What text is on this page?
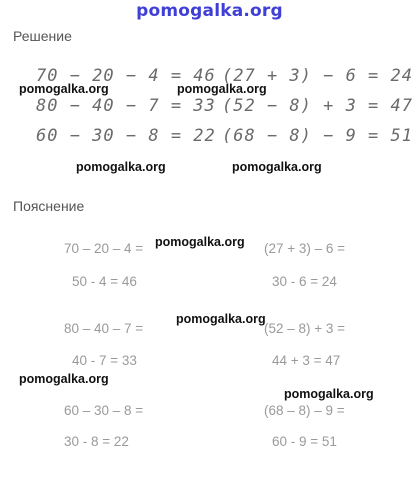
pomogalka.org
Решение
Пояснение
70 − 20 − 4 = 46 (27 + 3) − 6 = 24
80 − 40 − 7 = 33 (52 − 8) + 3 = 47
60 − 30 − 8 = 22 (68 − 8) − 9 = 51
70 – 20 – 4 =
50 - 4 = 46
80 – 40 – 7 =
40 - 7 = 33
60 – 30 – 8 =
30 - 8 = 22
(27 + 3) – 6 =
30 - 6 = 24
(52 – 8) + 3 =
44 + 3 = 47
(68 – 8) – 9 =
60 - 9 = 51
pomogalka.org	pomogalka.org
pomogalka.org	pomogalka.org
pomogalka.org
pomogalka.org
pomogalka.org
pomogalka.org
